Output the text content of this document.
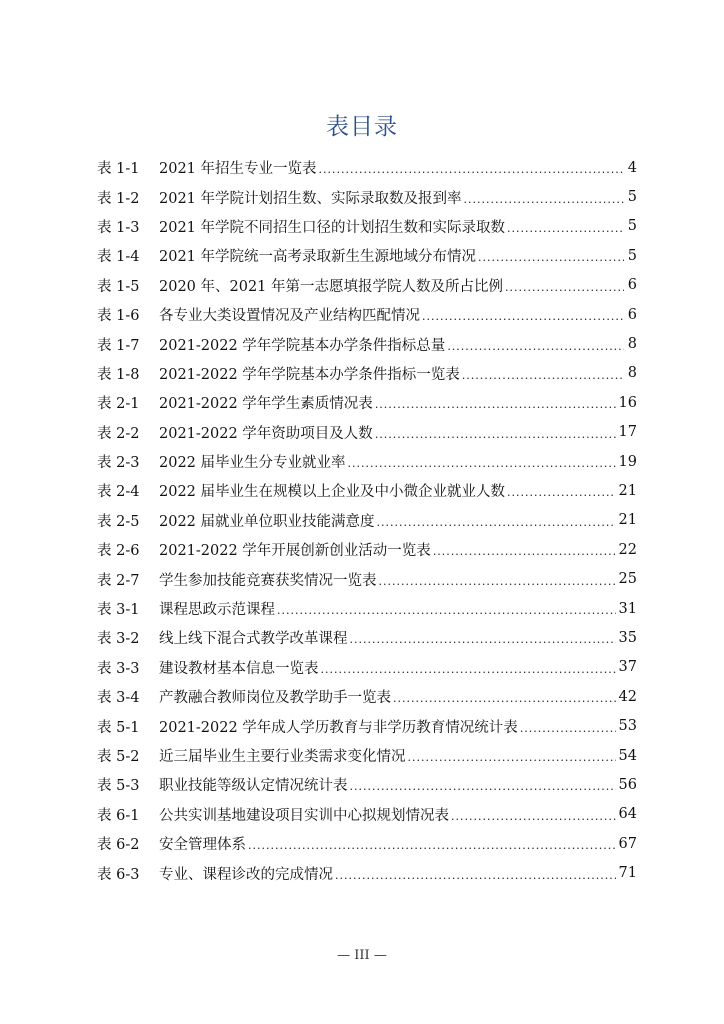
表目录
表 1-1	2021 年招生专业一览表 .....	4
表 1-2	2021 年学院计划招生数、实际录取数及报到率 .....	5
表 1-3	2021 年学院不同招生口径的计划招生数和实际录取数 .....	5
表 1-4	2021 年学院统一高考录取新生生源地域分布情况 .....	5
表 1-5	2020 年、2021 年第一志愿填报学院人数及所占比例 .....	6
表 1-6	各专业大类设置情况及产业结构匹配情况 .....	6
表 1-7	2021-2022 学年学院基本办学条件指标总量 .....	8
表 1-8	2021-2022 学年学院基本办学条件指标一览表 .....	8
表 2-1	2021-2022 学年学生素质情况表 .....	16
表 2-2	2021-2022 学年资助项目及人数 .....	17
表 2-3	2022 届毕业生分专业就业率 .....	19
表 2-4	2022 届毕业生在规模以上企业及中小微企业就业人数 .....	21
表 2-5	2022 届就业单位职业技能满意度 .....	21
表 2-6	2021-2022 学年开展创新创业活动一览表 .....	22
表 2-7	学生参加技能竞赛获奖情况一览表 .....	25
表 3-1	课程思政示范课程 .....	31
表 3-2	线上线下混合式教学改革课程 .....	35
表 3-3	建设教材基本信息一览表 .....	37
表 3-4	产教融合教师岗位及教学助手一览表 .....	42
表 5-1	2021-2022 学年成人学历教育与非学历教育情况统计表 .....	53
表 5-2	近三届毕业生主要行业类需求变化情况 .....	54
表 5-3	职业技能等级认定情况统计表 .....	56
表 6-1	公共实训基地建设项目实训中心拟规划情况表 .....	64
表 6-2	安全管理体系 .....	67
表 6-3	专业、课程诊改的完成情况 .....	71
— III —
